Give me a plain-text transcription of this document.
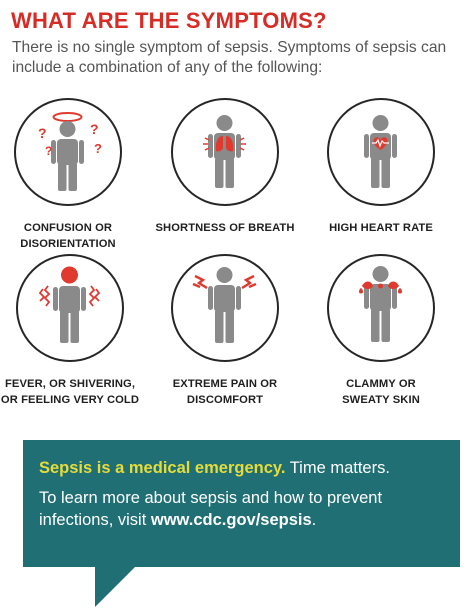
WHAT ARE THE SYMPTOMS?

There is no single symptom of sepsis. Symptoms of sepsis can include a combination of any of the following:

?	?
?	?
CONFUSION OR
DISORIENTATION
SHORTNESS OF BREATH	HIGH HEART RATE
FEVER, OR SHIVERING,
OR FEELING VERY COLD
EXTREME PAIN OR
DISCOMFORT
CLAMMY OR
SWEATY SKIN

Sepsis is a medical emergency. Time matters.

To learn more about sepsis and how to prevent infections, visit www.cdc.gov/sepsis.
